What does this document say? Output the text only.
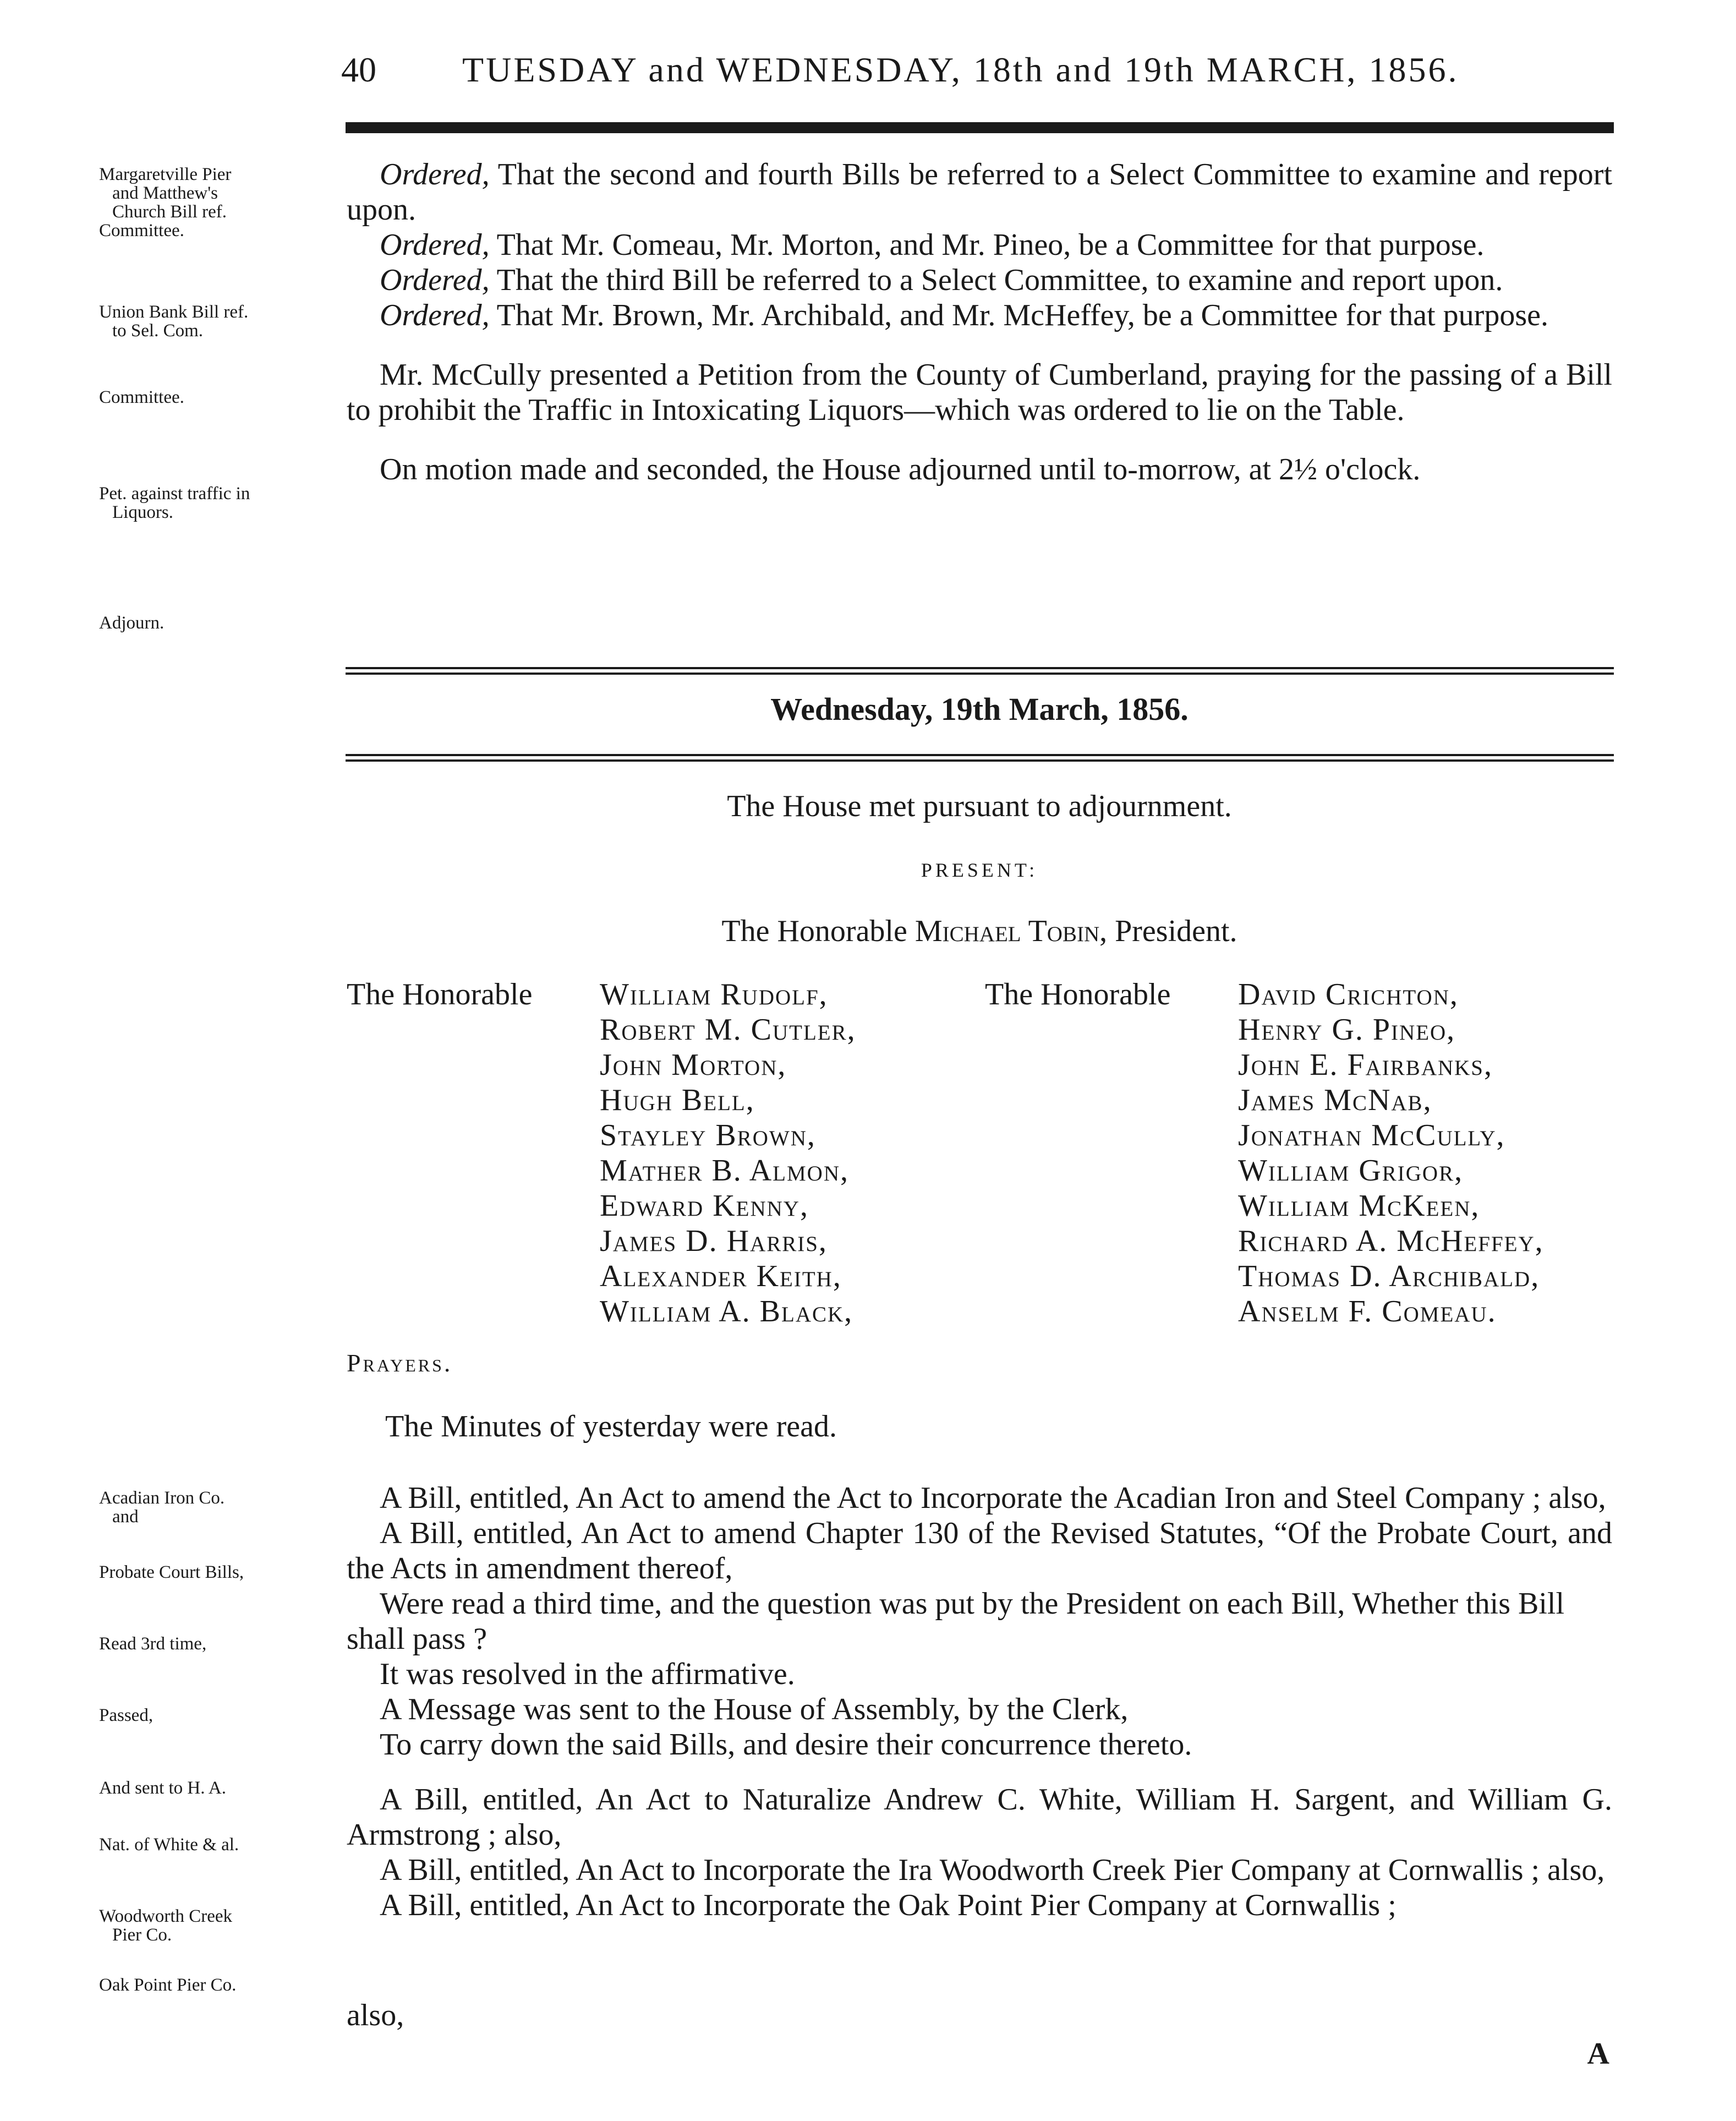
40 TUESDAY and WEDNESDAY, 18th and 19th MARCH, 1856.
Margaretville Pier

and Matthew's
Church Bill ref.
Committee.
Union Bank Bill ref.

to Sel. Com.
Committee.
Pet. against traffic in

Liquors.
Adjourn.
Acadian Iron Co.

and
Probate Court Bills,
Read 3rd time,
Passed,
And sent to H. A.
Nat. of White & al.
Woodworth Creek

Pier Co.
Oak Point Pier Co.

Ordered, That the second and fourth Bills be referred to a Select Committee to examine and report upon.

Ordered, That Mr. Comeau, Mr. Morton, and Mr. Pineo, be a Committee for that purpose.

Ordered, That the third Bill be referred to a Select Committee, to examine and report upon.

Ordered, That Mr. Brown, Mr. Archibald, and Mr. McHeffey, be a Committee for that purpose.

Mr. McCully presented a Petition from the County of Cumberland, praying for the passing of a Bill to prohibit the Traffic in Intoxicating Liquors—which was ordered to lie on the Table.

On motion made and seconded, the House adjourned until to-morrow, at 2½ o'clock.

Wednesday, 19th March, 1856.
The House met pursuant to adjournment.
PRESENT:
The Honorable Michael Tobin, President.
The Honorable William Rudolf,
Robert M. Cutler,
John Morton,
Hugh Bell,
Stayley Brown,
Mather B. Almon,
Edward Kenny,
James D. Harris,
Alexander Keith,
William A. Black,
The Honorable David Crichton,
Henry G. Pineo,
John E. Fairbanks,
James McNab,
Jonathan McCully,
William Grigor,
William McKeen,
Richard A. McHeffey,
Thomas D. Archibald,
Anselm F. Comeau.
Prayers.
The Minutes of yesterday were read.

A Bill, entitled, An Act to amend the Act to Incorporate the Acadian Iron and Steel Company ; also,

A Bill, entitled, An Act to amend Chapter 130 of the Revised Statutes, “Of the Probate Court, and the Acts in amendment thereof,

Were read a third time, and the question was put by the President on each Bill, Whether this Bill shall pass ?

It was resolved in the affirmative.

A Message was sent to the House of Assembly, by the Clerk,

To carry down the said Bills, and desire their concurrence thereto.

A Bill, entitled, An Act to Naturalize Andrew C. White, William H. Sargent, and William G. Armstrong ; also,

A Bill, entitled, An Act to Incorporate the Ira Woodworth Creek Pier Company at Cornwallis ; also,

A Bill, entitled, An Act to Incorporate the Oak Point Pier Company at Cornwallis ;

also,
A
